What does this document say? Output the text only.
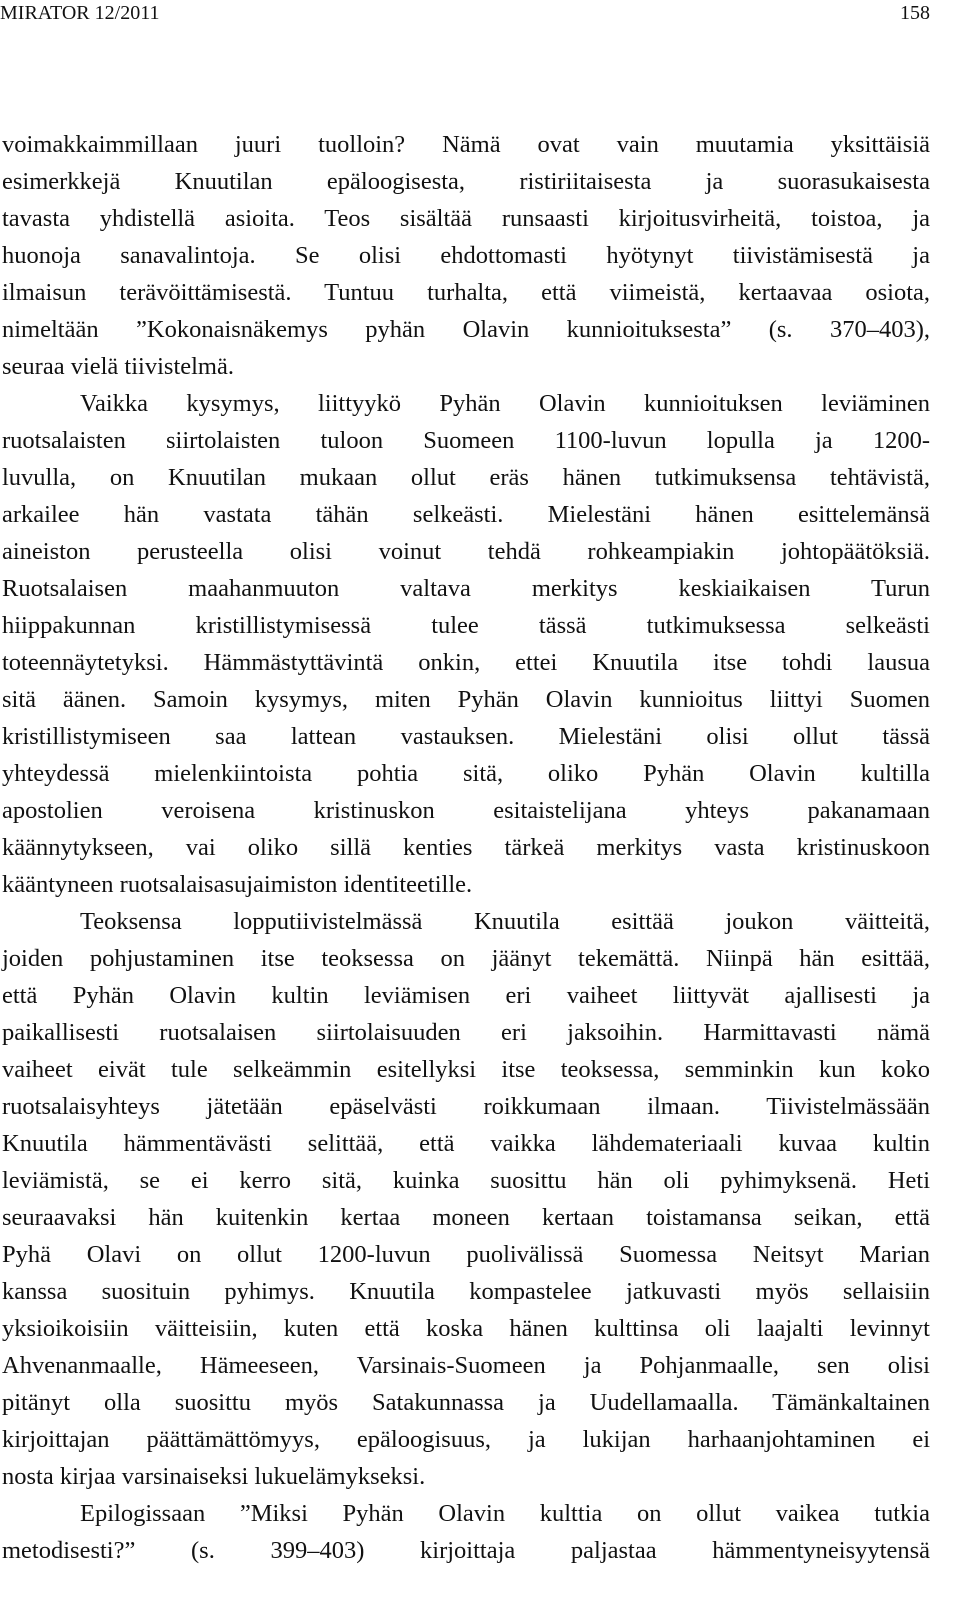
MIRATOR 12/2011	158
voimakkaimmillaan juuri tuolloin? Nämä ovat vain muutamia yksittäisiä
esimerkkejä Knuutilan epäloogisesta, ristiriitaisesta ja suorasukaisesta
tavasta yhdistellä asioita. Teos sisältää runsaasti kirjoitusvirheitä, toistoa, ja
huonoja sanavalintoja. Se olisi ehdottomasti hyötynyt tiivistämisestä ja
ilmaisun terävöittämisestä. Tuntuu turhalta, että viimeistä, kertaavaa osiota,
nimeltään ”Kokonaisnäkemys pyhän Olavin kunnioituksesta” (s. 370–403),
seuraa vielä tiivistelmä.
Vaikka kysymys, liittyykö Pyhän Olavin kunnioituksen leviäminen
ruotsalaisten siirtolaisten tuloon Suomeen 1100-luvun lopulla ja 1200-
luvulla, on Knuutilan mukaan ollut eräs hänen tutkimuksensa tehtävistä,
arkailee hän vastata tähän selkeästi. Mielestäni hänen esittelemänsä
aineiston perusteella olisi voinut tehdä rohkeampiakin johtopäätöksiä.
Ruotsalaisen maahanmuuton valtava merkitys keskiaikaisen Turun
hiippakunnan kristillistymisessä tulee tässä tutkimuksessa selkeästi
toteennäytetyksi. Hämmästyttävintä onkin, ettei Knuutila itse tohdi lausua
sitä äänen. Samoin kysymys, miten Pyhän Olavin kunnioitus liittyi Suomen
kristillistymiseen saa lattean vastauksen. Mielestäni olisi ollut tässä
yhteydessä mielenkiintoista pohtia sitä, oliko Pyhän Olavin kultilla
apostolien veroisena kristinuskon esitaistelijana yhteys pakanamaan
käännytykseen, vai oliko sillä kenties tärkeä merkitys vasta kristinuskoon
kääntyneen ruotsalaisasujaimiston identiteetille.
Teoksensa lopputiivistelmässä Knuutila esittää joukon väitteitä,
joiden pohjustaminen itse teoksessa on jäänyt tekemättä. Niinpä hän esittää,
että Pyhän Olavin kultin leviämisen eri vaiheet liittyvät ajallisesti ja
paikallisesti ruotsalaisen siirtolaisuuden eri jaksoihin. Harmittavasti nämä
vaiheet eivät tule selkeämmin esitellyksi itse teoksessa, semminkin kun koko
ruotsalaisyhteys jätetään epäselvästi roikkumaan ilmaan. Tiivistelmässään
Knuutila hämmentävästi selittää, että vaikka lähdemateriaali kuvaa kultin
leviämistä, se ei kerro sitä, kuinka suosittu hän oli pyhimyksenä. Heti
seuraavaksi hän kuitenkin kertaa moneen kertaan toistamansa seikan, että
Pyhä Olavi on ollut 1200-luvun puolivälissä Suomessa Neitsyt Marian
kanssa suosituin pyhimys. Knuutila kompastelee jatkuvasti myös sellaisiin
yksioikoisiin väitteisiin, kuten että koska hänen kulttinsa oli laajalti levinnyt
Ahvenanmaalle, Hämeeseen, Varsinais-Suomeen ja Pohjanmaalle, sen olisi
pitänyt olla suosittu myös Satakunnassa ja Uudellamaalla. Tämänkaltainen
kirjoittajan päättämättömyys, epäloogisuus, ja lukijan harhaanjohtaminen ei
nosta kirjaa varsinaiseksi lukuelämykseksi.
Epilogissaan ”Miksi Pyhän Olavin kulttia on ollut vaikea tutkia
metodisesti?” (s. 399–403) kirjoittaja paljastaa hämmentyneisyytensä
